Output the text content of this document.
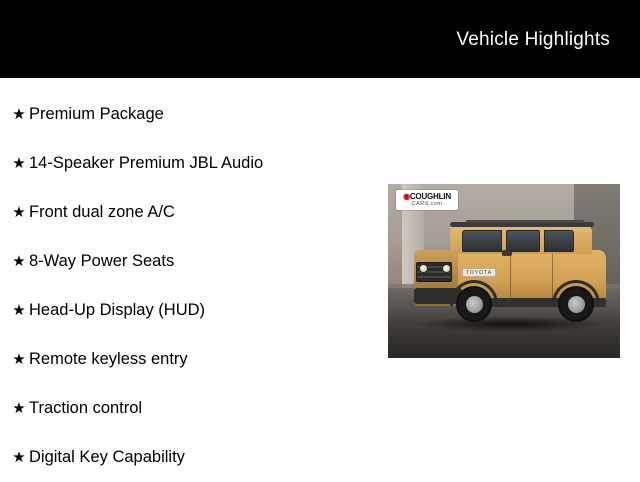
Vehicle Highlights
★ Premium Package
★ 14-Speaker Premium JBL Audio
★ Front dual zone A/C
★ 8-Way Power Seats
★ Head-Up Display (HUD)
★ Remote keyless entry
★ Traction control
★ Digital Key Capability
◉COUGHLIN
CARS.com
TOYOTA
